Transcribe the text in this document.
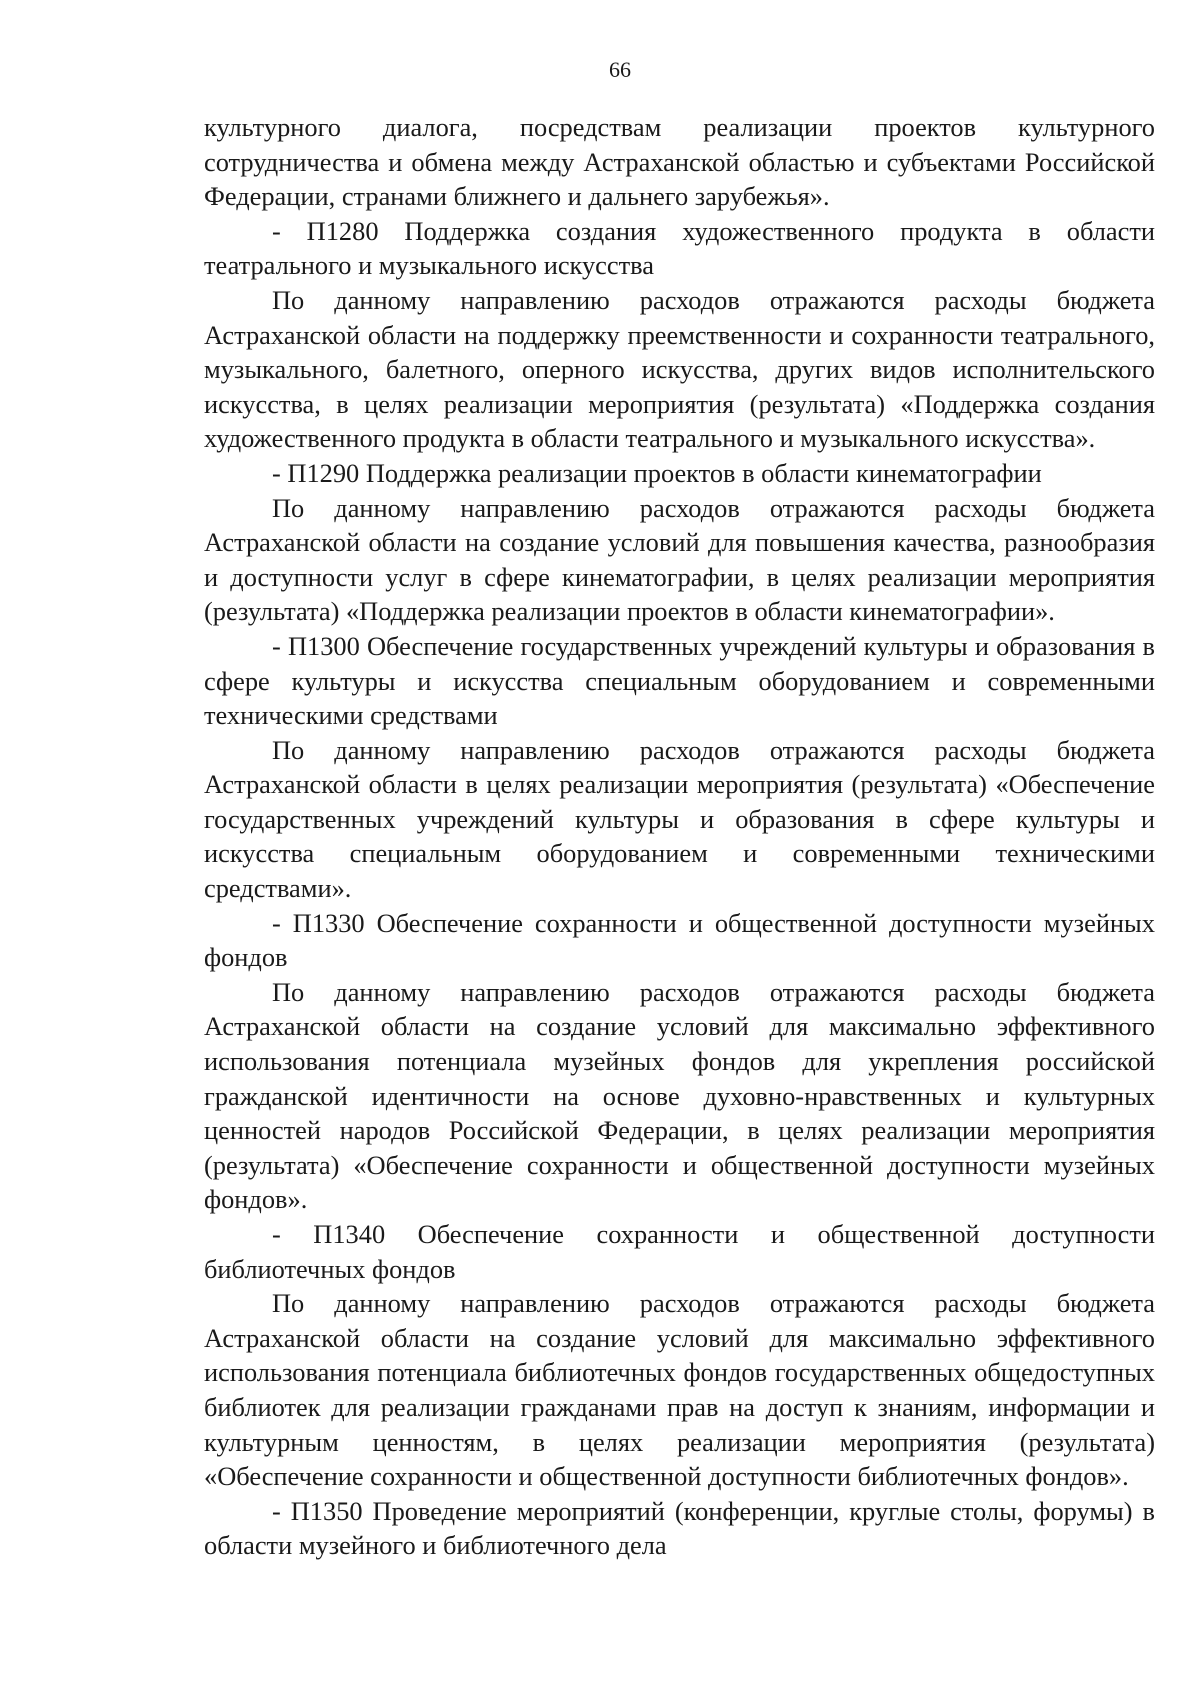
66

культурного диалога, посредствам реализации проектов культурного сотрудничества и обмена между Астраханской областью и субъектами Российской Федерации, странами ближнего и дальнего зарубежья».

- П1280 Поддержка создания художественного продукта в области театрального и музыкального искусства

По данному направлению расходов отражаются расходы бюджета Астраханской области на поддержку преемственности и сохранности театрального, музыкального, балетного, оперного искусства, других видов исполнительского искусства, в целях реализации мероприятия (результата) «Поддержка создания художественного продукта в области театрального и музыкального искусства».

- П1290 Поддержка реализации проектов в области кинематографии

По данному направлению расходов отражаются расходы бюджета Астраханской области на создание условий для повышения качества, разнообразия и доступности услуг в сфере кинематографии, в целях реализации мероприятия (результата) «Поддержка реализации проектов в области кинематографии».

- П1300 Обеспечение государственных учреждений культуры и образования в сфере культуры и искусства специальным оборудованием и современными техническими средствами

По данному направлению расходов отражаются расходы бюджета Астраханской области в целях реализации мероприятия (результата) «Обеспечение государственных учреждений культуры и образования в сфере культуры и искусства специальным оборудованием и современными техническими средствами».

- П1330 Обеспечение сохранности и общественной доступности музейных фондов

По данному направлению расходов отражаются расходы бюджета Астраханской области на создание условий для максимально эффективного использования потенциала музейных фондов для укрепления российской гражданской идентичности на основе духовно-нравственных и культурных ценностей народов Российской Федерации, в целях реализации мероприятия (результата) «Обеспечение сохранности и общественной доступности музейных фондов».

- П1340 Обеспечение сохранности и общественной доступности библиотечных фондов

По данному направлению расходов отражаются расходы бюджета Астраханской области на создание условий для максимально эффективного использования потенциала библиотечных фондов государственных общедоступных библиотек для реализации гражданами прав на доступ к знаниям, информации и культурным ценностям, в целях реализации мероприятия (результата) «Обеспечение сохранности и общественной доступности библиотечных фондов».

- П1350 Проведение мероприятий (конференции, круглые столы, форумы) в области музейного и библиотечного дела
